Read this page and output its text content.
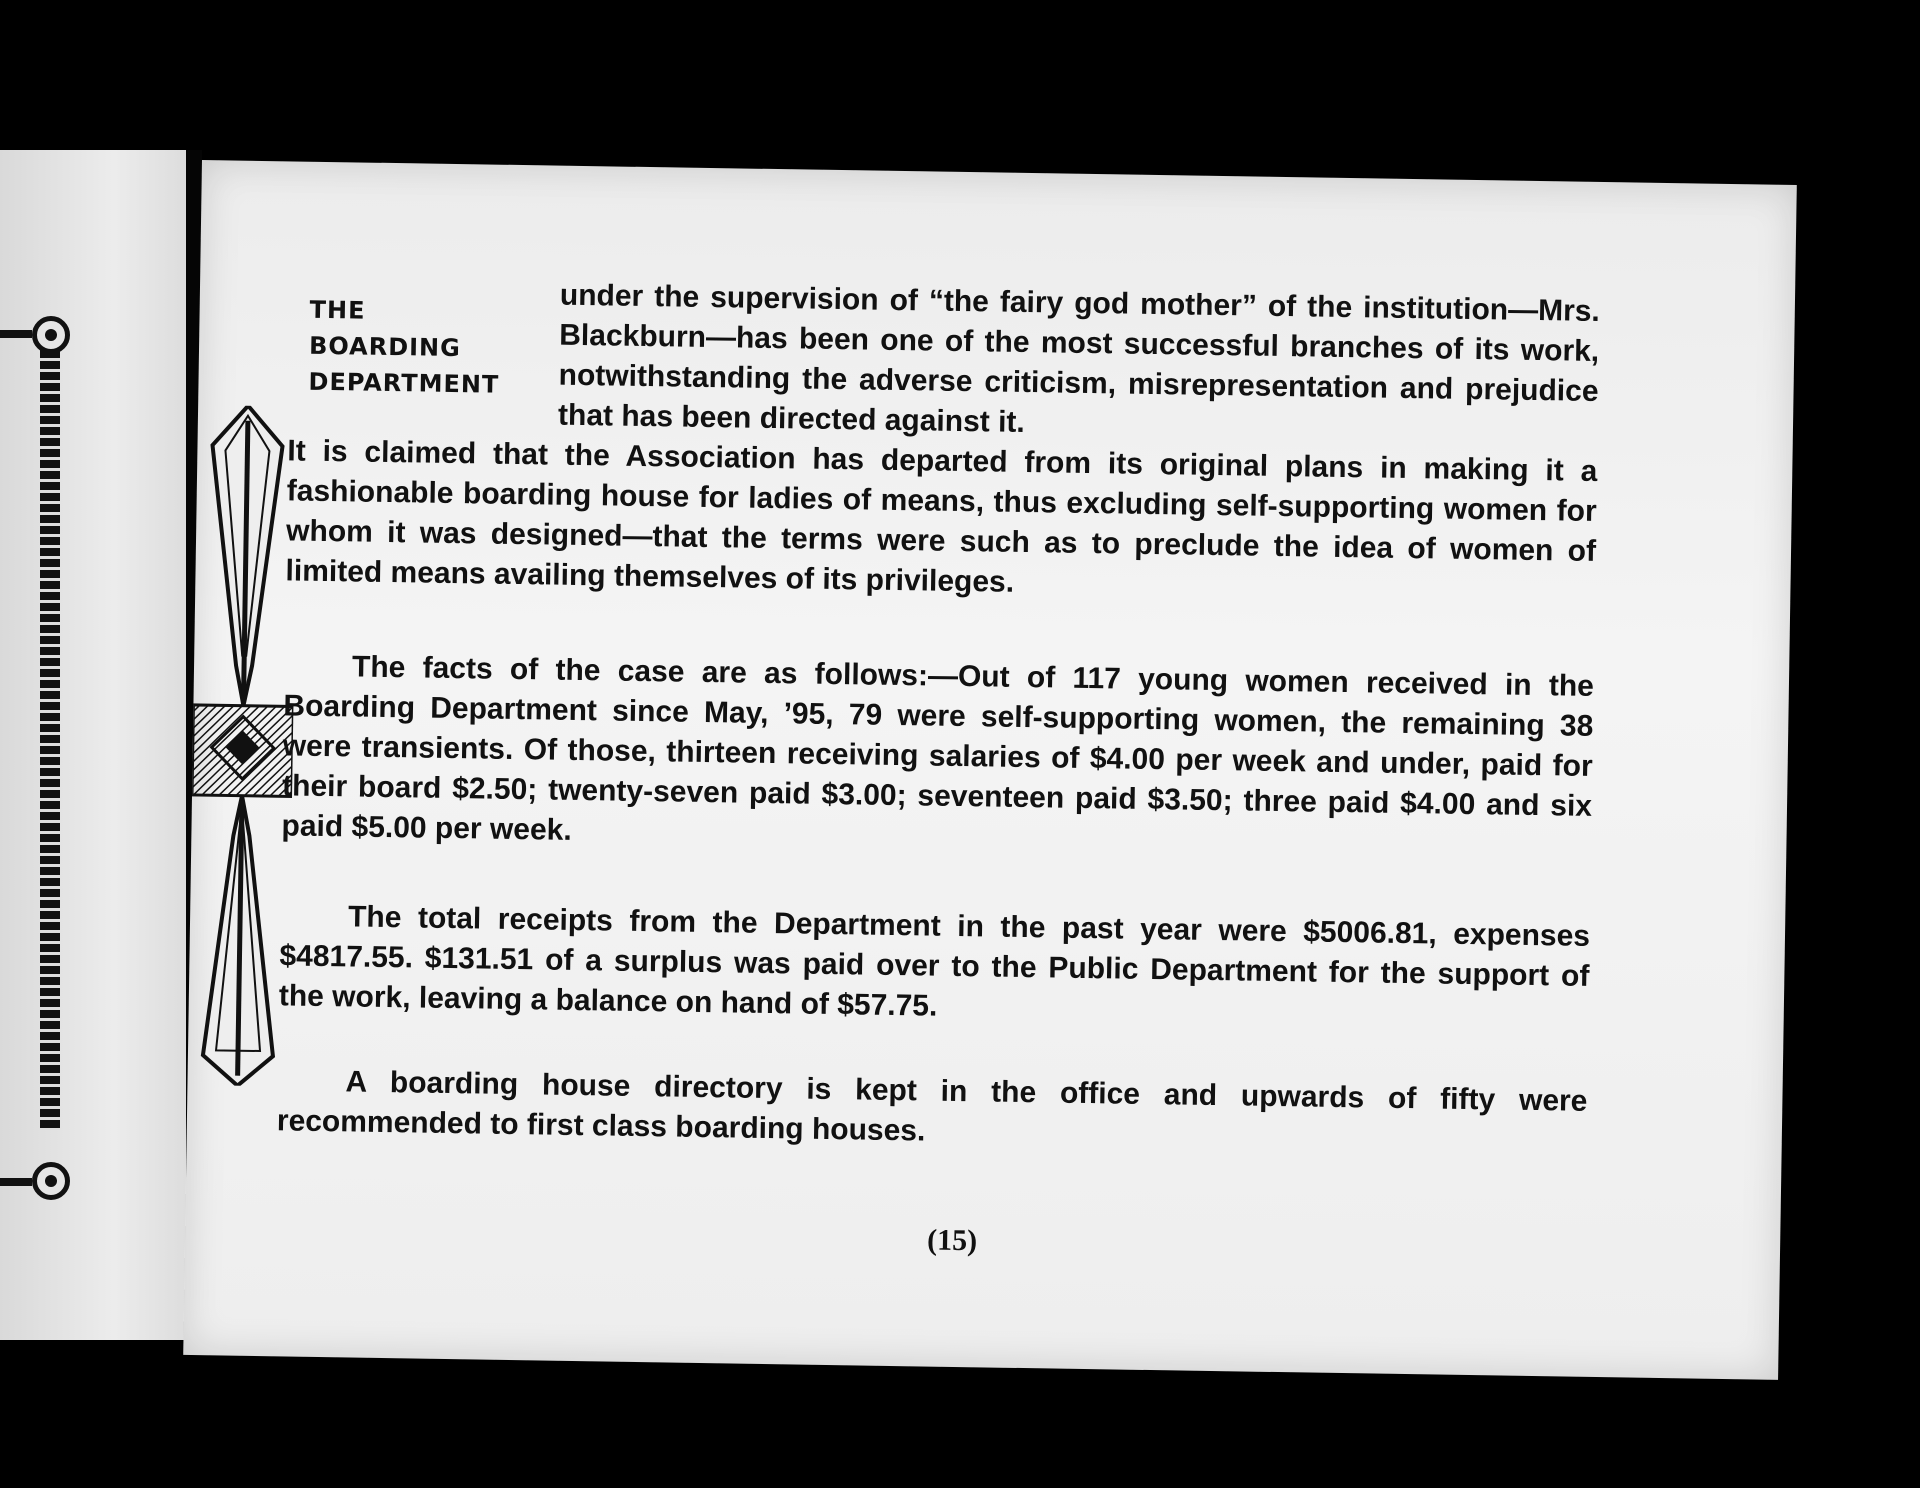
THE
BOARDING
DEPARTMENT

under the supervision of “the fairy god mother” of the institution—Mrs. Blackburn—has been one of the most successful branches of its work, notwithstanding the adverse criticism, misrepresentation and prejudice that has been directed against it.

It is claimed that the Association has departed from its original plans in making it a fashionable boarding house for ladies of means, thus excluding self-supporting women for whom it was designed—that the terms were such as to preclude the idea of women of limited means availing themselves of its privileges.

The facts of the case are as follows:—Out of 117 young women received in the Boarding Department since May, ’95, 79 were self-supporting women, the remaining 38 were transients. Of those, thirteen receiving salaries of $4.00 per week and under, paid for their board $2.50; twenty-seven paid $3.00; seventeen paid $3.50; three paid $4.00 and six paid $5.00 per week.

The total receipts from the Department in the past year were $5006.81, expenses $4817.55. $131.51 of a surplus was paid over to the Public Department for the support of the work, leaving a balance on hand of $57.75.

A boarding house directory is kept in the office and upwards of fifty were recommended to first class boarding houses.

(15)
